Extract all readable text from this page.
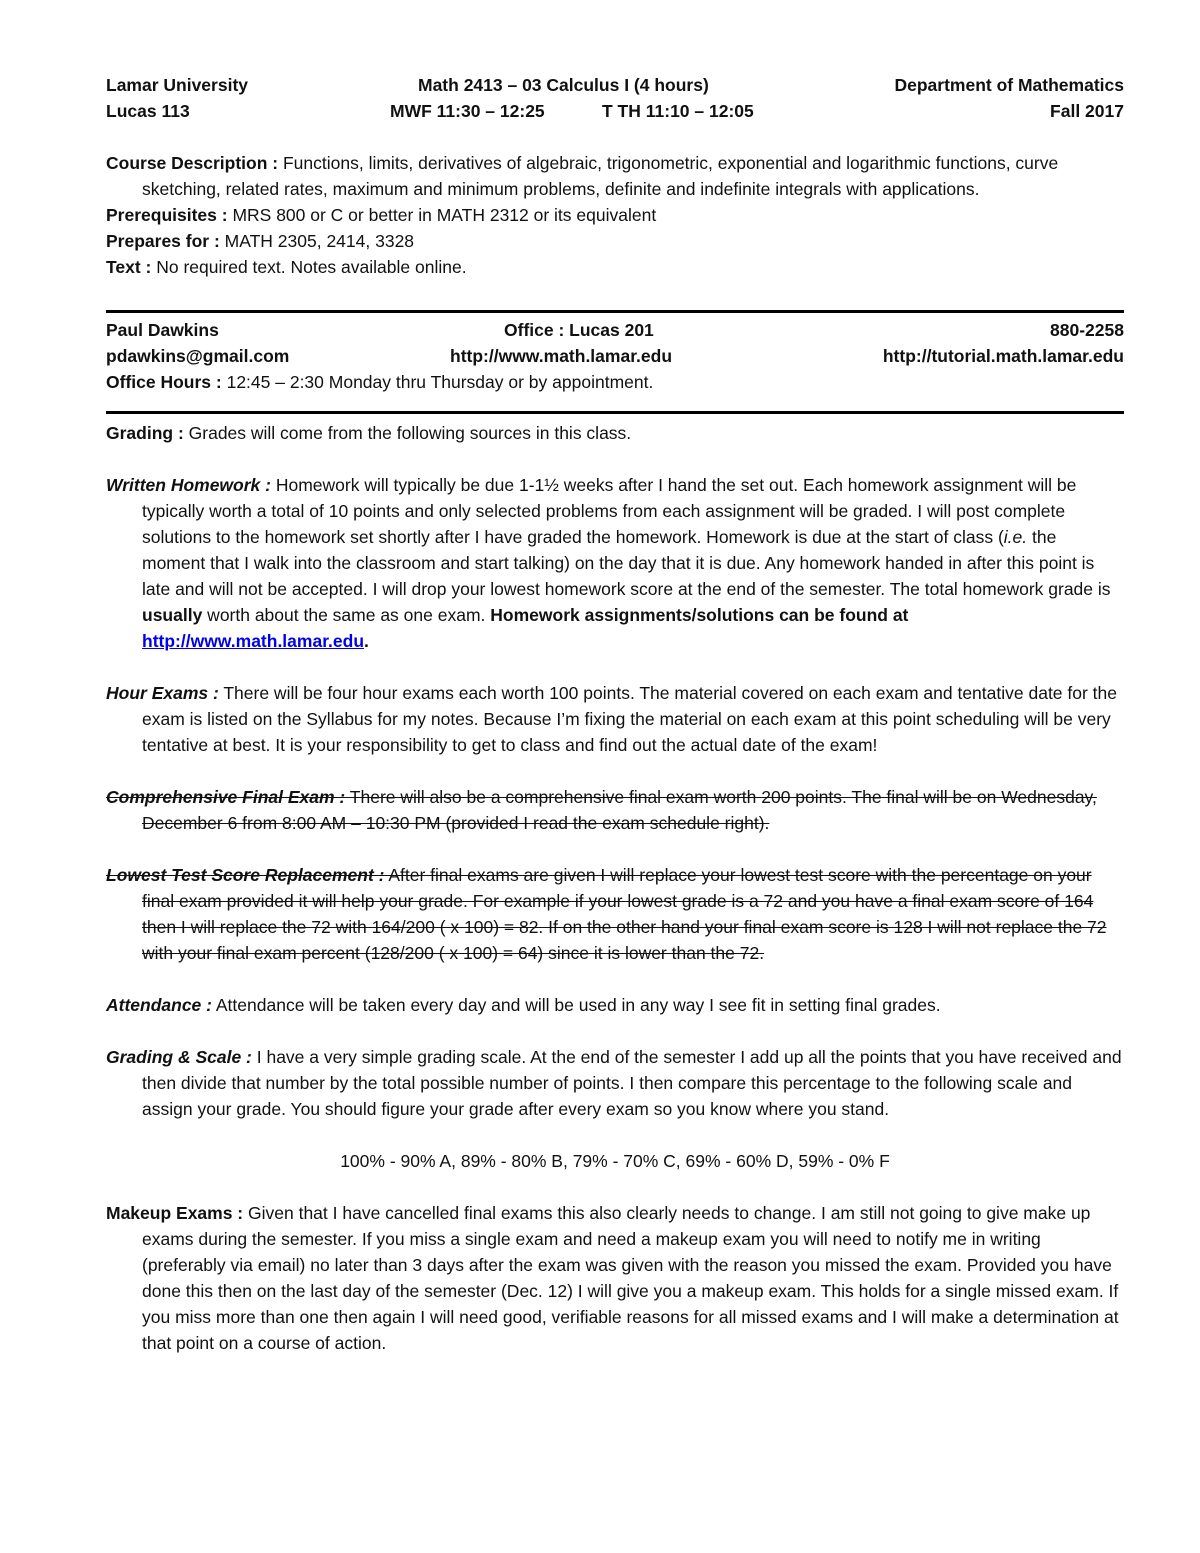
Lamar University	Math 2413 – 03 Calculus I (4 hours)	Department of Mathematics
Lucas 113	MWF 11:30 – 12:25	T TH 11:10 – 12:05	Fall 2017

Course Description : Functions, limits, derivatives of algebraic, trigonometric, exponential and logarithmic functions, curve sketching, related rates, maximum and minimum problems, definite and indefinite integrals with applications.

Prerequisites : MRS 800 or C or better in MATH 2312 or its equivalent

Prepares for : MATH 2305, 2414, 3328

Text : No required text. Notes available online.

Paul Dawkins	Office : Lucas 201	880-2258
pdawkins@gmail.com	http://www.math.lamar.edu	http://tutorial.math.lamar.edu

Office Hours : 12:45 – 2:30 Monday thru Thursday or by appointment.

Grading : Grades will come from the following sources in this class.

Written Homework : Homework will typically be due 1-1½ weeks after I hand the set out. Each homework assignment will be typically worth a total of 10 points and only selected problems from each assignment will be graded. I will post complete solutions to the homework set shortly after I have graded the homework. Homework is due at the start of class (i.e. the moment that I walk into the classroom and start talking) on the day that it is due. Any homework handed in after this point is late and will not be accepted. I will drop your lowest homework score at the end of the semester. The total homework grade is usually worth about the same as one exam. Homework assignments/solutions can be found at http://www.math.lamar.edu.

Hour Exams : There will be four hour exams each worth 100 points. The material covered on each exam and tentative date for the exam is listed on the Syllabus for my notes. Because I’m fixing the material on each exam at this point scheduling will be very tentative at best. It is your responsibility to get to class and find out the actual date of the exam!

Comprehensive Final Exam : There will also be a comprehensive final exam worth 200 points. The final will be on Wednesday, December 6 from 8:00 AM – 10:30 PM (provided I read the exam schedule right).

Lowest Test Score Replacement : After final exams are given I will replace your lowest test score with the percentage on your final exam provided it will help your grade. For example if your lowest grade is a 72 and you have a final exam score of 164 then I will replace the 72 with 164/200 ( x 100) = 82. If on the other hand your final exam score is 128 I will not replace the 72 with your final exam percent (128/200 ( x 100) = 64) since it is lower than the 72.

Attendance : Attendance will be taken every day and will be used in any way I see fit in setting final grades.

Grading & Scale : I have a very simple grading scale. At the end of the semester I add up all the points that you have received and then divide that number by the total possible number of points. I then compare this percentage to the following scale and assign your grade. You should figure your grade after every exam so you know where you stand.

100% - 90% A, 89% - 80% B, 79% - 70% C, 69% - 60% D, 59% - 0% F

Makeup Exams : Given that I have cancelled final exams this also clearly needs to change. I am still not going to give make up exams during the semester. If you miss a single exam and need a makeup exam you will need to notify me in writing (preferably via email) no later than 3 days after the exam was given with the reason you missed the exam. Provided you have done this then on the last day of the semester (Dec. 12) I will give you a makeup exam. This holds for a single missed exam. If you miss more than one then again I will need good, verifiable reasons for all missed exams and I will make a determination at that point on a course of action.
